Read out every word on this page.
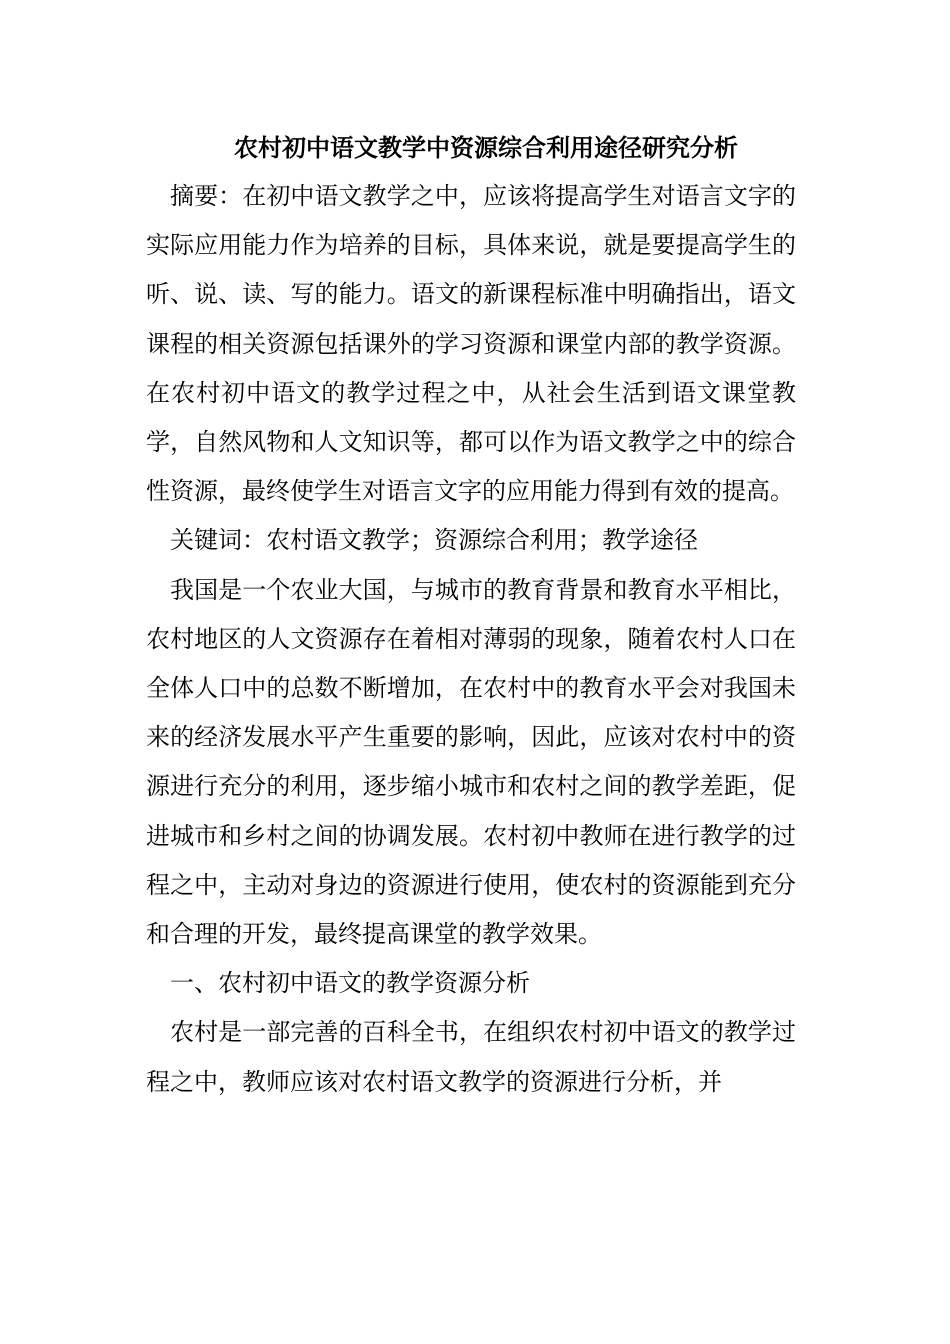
农村初中语文教学中资源综合利用途径研究分析

摘要：在初中语文教学之中，应该将提高学生对语言文字的实际应用能力作为培养的目标，具体来说，就是要提高学生的听、说、读、写的能力。语文的新课程标准中明确指出，语文课程的相关资源包括课外的学习资源和课堂内部的教学资源。在农村初中语文的教学过程之中，从社会生活到语文课堂教学，自然风物和人文知识等，都可以作为语文教学之中的综合性资源，最终使学生对语言文字的应用能力得到有效的提高。

关键词：农村语文教学；资源综合利用；教学途径

我国是一个农业大国，与城市的教育背景和教育水平相比，农村地区的人文资源存在着相对薄弱的现象，随着农村人口在全体人口中的总数不断增加，在农村中的教育水平会对我国未来的经济发展水平产生重要的影响，因此，应该对农村中的资源进行充分的利用，逐步缩小城市和农村之间的教学差距，促进城市和乡村之间的协调发展。农村初中教师在进行教学的过程之中，主动对身边的资源进行使用，使农村的资源能到充分和合理的开发，最终提高课堂的教学效果。

一、农村初中语文的教学资源分析

农村是一部完善的百科全书，在组织农村初中语文的教学过程之中，教师应该对农村语文教学的资源进行分析，并
